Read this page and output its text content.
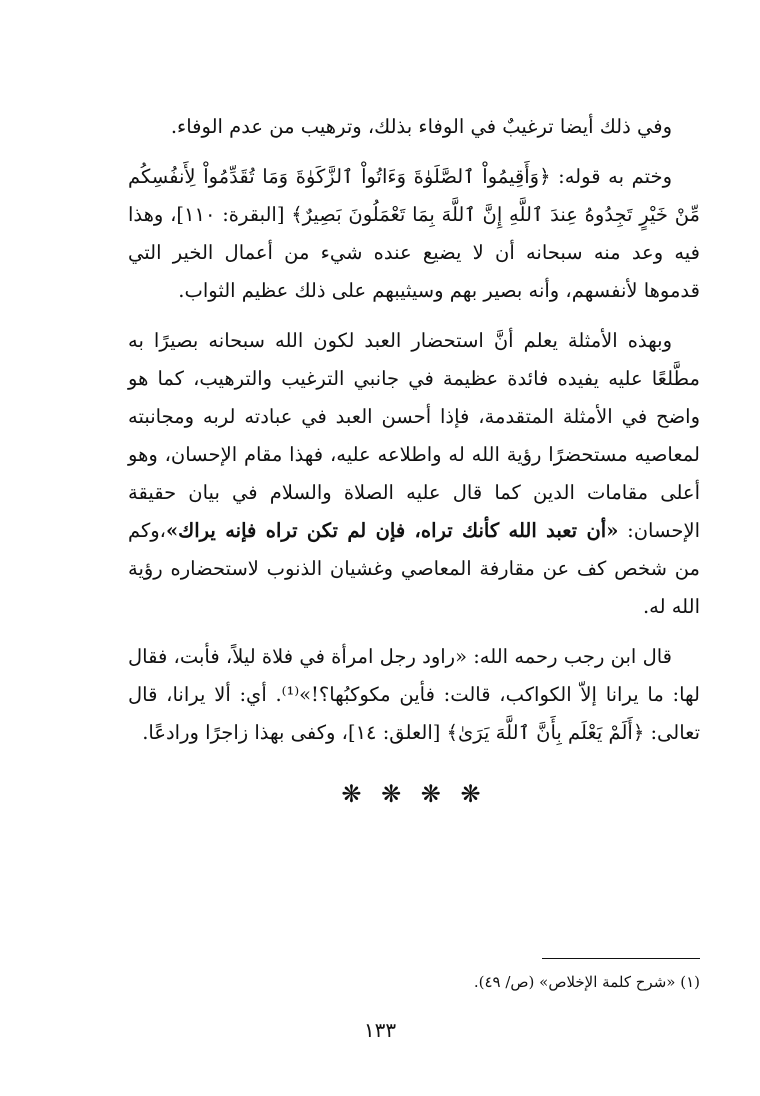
وفي ذلك أيضا ترغيبٌ في الوفاء بذلك، وترهيب من عدم الوفاء.

وختم به قوله: ﴿وَأَقِيمُواْ ٱلصَّلَوٰةَ وَءَاتُواْ ٱلزَّكَوٰةَ وَمَا تُقَدِّمُواْ لِأَنفُسِكُم مِّنْ خَيْرٍ تَجِدُوهُ عِندَ ٱللَّهِ إِنَّ ٱللَّهَ بِمَا تَعْمَلُونَ بَصِيرٌ﴾ [البقرة: ١١٠]، وهذا فيه وعد منه سبحانه أن لا يضيع عنده شيء من أعمال الخير التي قدموها لأنفسهم، وأنه بصير بهم وسيثيبهم على ذلك عظيم الثواب.

وبهذه الأمثلة يعلم أنَّ استحضار العبد لكون الله سبحانه بصيرًا به مطَّلعًا عليه يفيده فائدة عظيمة في جانبي الترغيب والترهيب، كما هو واضح في الأمثلة المتقدمة، فإذا أحسن العبد في عبادته لربه ومجانبته لمعاصيه مستحضرًا رؤية الله له واطلاعه عليه، فهذا مقام الإحسان، وهو أعلى مقامات الدين كما قال عليه الصلاة والسلام في بيان حقيقة الإحسان: «أن تعبد الله كأنك تراه، فإن لم تكن تراه فإنه يراك»،وكم من شخص كف عن مقارفة المعاصي وغشيان الذنوب لاستحضاره رؤية الله له.

قال ابن رجب رحمه الله: «راود رجل امرأة في فلاة ليلاً، فأبت، فقال لها: ما يرانا إلاّ الكواكب، قالت: فأين مكوكبُها؟!»⁽¹⁾. أي: ألا يرانا، قال تعالى: ﴿أَلَمْ يَعْلَم بِأَنَّ ٱللَّهَ يَرَىٰ﴾ [العلق: ١٤]، وكفى بهذا زاجرًا ورادعًا.

❋ ❋ ❋ ❋
(١) «شرح كلمة الإخلاص» (ص/ ٤٩).
١٣٣
